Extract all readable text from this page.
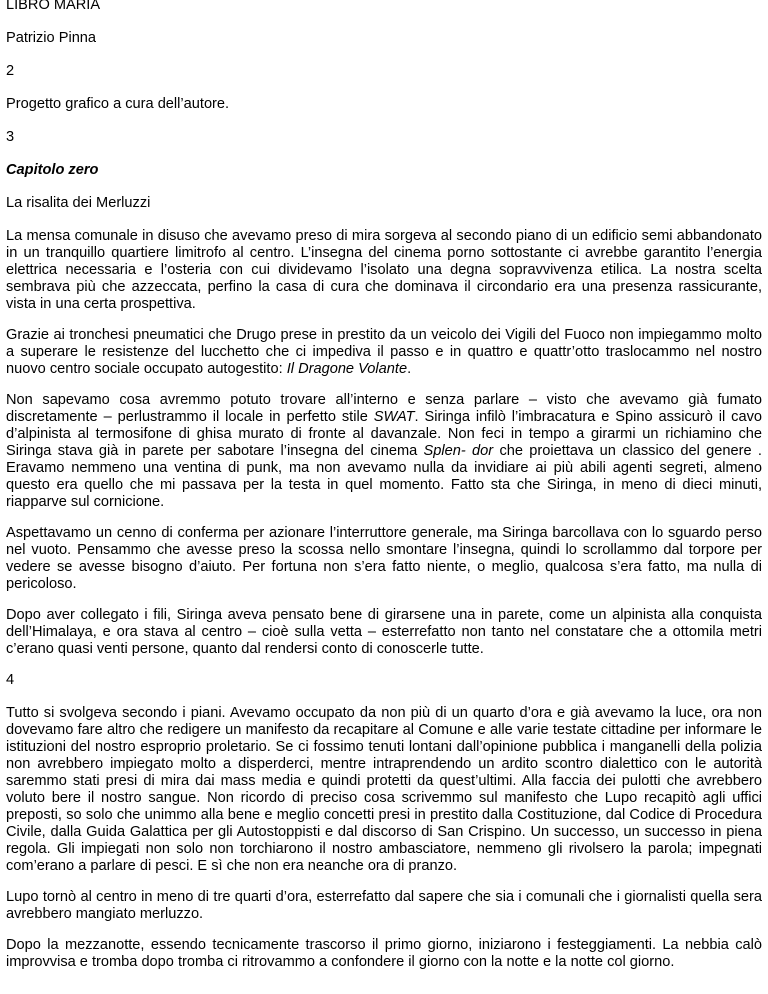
LIBRO MARIA

Patrizio Pinna

2

Progetto grafico a cura dell’autore.

3

Capitolo zero

La risalita dei Merluzzi

La mensa comunale in disuso che avevamo preso di mira sorgeva al secondo piano di un edificio semi abbandonato in un tranquillo quartiere limitrofo al centro. L’insegna del cinema porno sottostante ci avrebbe garantito l’energia elettrica necessaria e l’osteria con cui dividevamo l’isolato una degna sopravvivenza etilica. La nostra scelta sembrava più che azzeccata, perfino la casa di cura che dominava il circondario era una presenza rassicurante, vista in una certa prospettiva.

Grazie ai tronchesi pneumatici che Drugo prese in prestito da un veicolo dei Vigili del Fuoco non impiegammo molto a superare le resistenze del lucchetto che ci impediva il passo e in quattro e quattr’otto traslocammo nel nostro nuovo centro sociale occupato autogestito: Il Dragone Volante.

Non sapevamo cosa avremmo potuto trovare all’interno e senza parlare – visto che avevamo già fumato discretamente – perlustrammo il locale in perfetto stile SWAT. Siringa infilò l’imbracatura e Spino assicurò il cavo d’alpinista al termosifone di ghisa murato di fronte al davanzale. Non feci in tempo a girarmi un richiamino che Siringa stava già in parete per sabotare l’insegna del cinema Splen- dor che proiettava un classico del genere . Eravamo nemmeno una ventina di punk, ma non avevamo nulla da invidiare ai più abili agenti segreti, almeno questo era quello che mi passava per la testa in quel momento. Fatto sta che Siringa, in meno di dieci minuti, riapparve sul cornicione.

Aspettavamo un cenno di conferma per azionare l’interruttore generale, ma Siringa barcollava con lo sguardo perso nel vuoto. Pensammo che avesse preso la scossa nello smontare l’insegna, quindi lo scrollammo dal torpore per vedere se avesse bisogno d’aiuto. Per fortuna non s’era fatto niente, o meglio, qualcosa s’era fatto, ma nulla di pericoloso.

Dopo aver collegato i fili, Siringa aveva pensato bene di girarsene una in parete, come un alpinista alla conquista dell’Himalaya, e ora stava al centro – cioè sulla vetta – esterrefatto non tanto nel constatare che a ottomila metri c’erano quasi venti persone, quanto dal rendersi conto di conoscerle tutte.

4

Tutto si svolgeva secondo i piani. Avevamo occupato da non più di un quarto d’ora e già avevamo la luce, ora non dovevamo fare altro che redigere un manifesto da recapitare al Comune e alle varie testate cittadine per informare le istituzioni del nostro esproprio proletario. Se ci fossimo tenuti lontani dall’opinione pubblica i manganelli della polizia non avrebbero impiegato molto a disperderci, mentre intraprendendo un ardito scontro dialettico con le autorità saremmo stati presi di mira dai mass media e quindi protetti da quest’ultimi. Alla faccia dei pulotti che avrebbero voluto bere il nostro sangue. Non ricordo di preciso cosa scrivemmo sul manifesto che Lupo recapitò agli uffici preposti, so solo che unimmo alla bene e meglio concetti presi in prestito dalla Costituzione, dal Codice di Procedura Civile, dalla Guida Galattica per gli Autostoppisti e dal discorso di San Crispino. Un successo, un successo in piena regola. Gli impiegati non solo non torchiarono il nostro ambasciatore, nemmeno gli rivolsero la parola; impegnati com’erano a parlare di pesci. E sì che non era neanche ora di pranzo.

Lupo tornò al centro in meno di tre quarti d’ora, esterrefatto dal sapere che sia i comunali che i giornalisti quella sera avrebbero mangiato merluzzo.

Dopo la mezzanotte, essendo tecnicamente trascorso il primo giorno, iniziarono i festeggiamenti. La nebbia calò improvvisa e tromba dopo tromba ci ritrovammo a confondere il giorno con la notte e la notte col giorno.
